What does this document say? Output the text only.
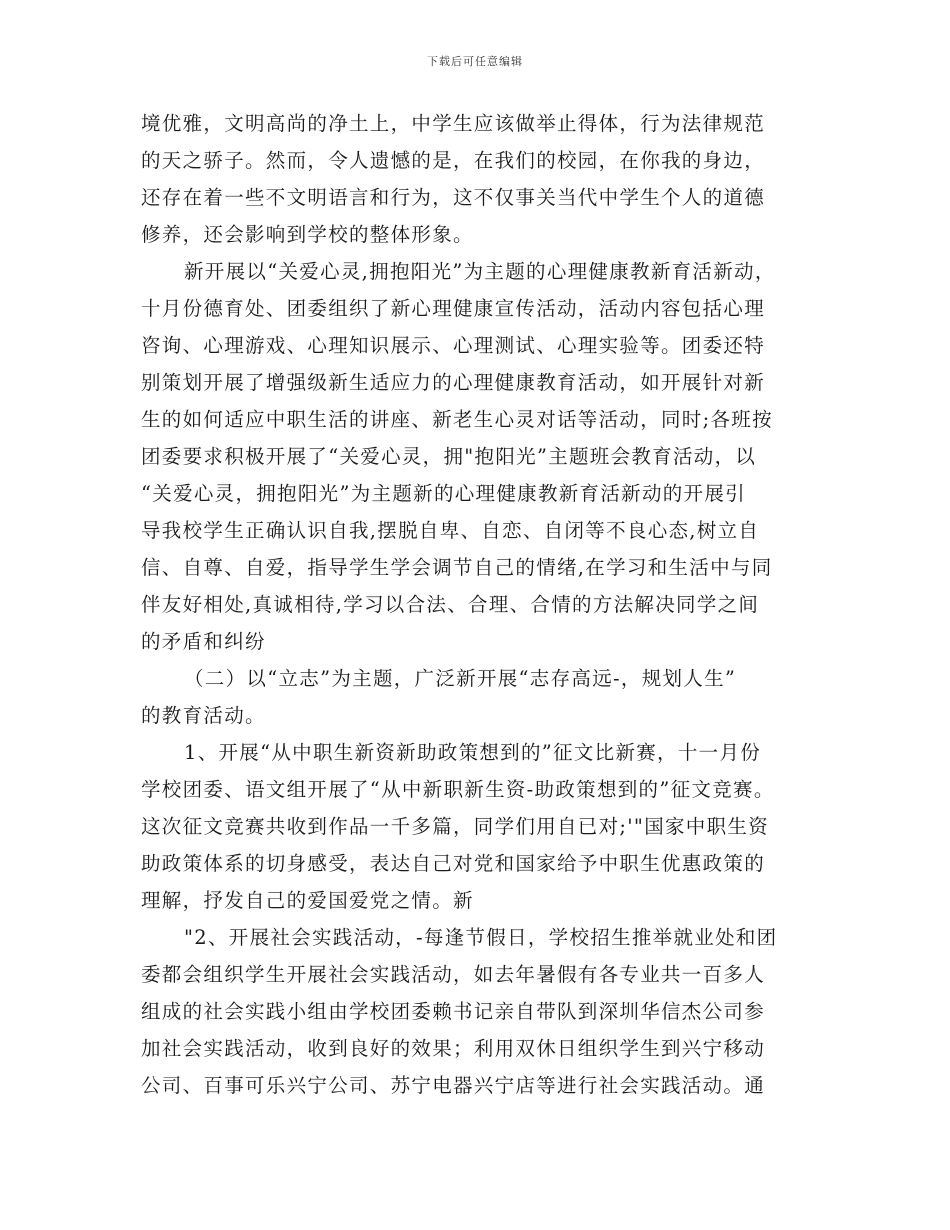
下载后可任意编辑
境优雅，文明高尚的净土上，中学生应该做举止得体，行为法律规范
的天之骄子。然而，令人遗憾的是，在我们的校园，在你我的身边，
还存在着一些不文明语言和行为，这不仅事关当代中学生个人的道德
修养，还会影响到学校的整体形象。
新开展以“关爱心灵,拥抱阳光”为主题的心理健康教新育活新动，
十月份德育处、团委组织了新心理健康宣传活动，活动内容包括心理
咨询、心理游戏、心理知识展示、心理测试、心理实验等。团委还特
别策划开展了增强级新生适应力的心理健康教育活动，如开展针对新
生的如何适应中职生活的讲座、新老生心灵对话等活动，同时;各班按
团委要求积极开展了“关爱心灵，拥"抱阳光”主题班会教育活动，以
“关爱心灵，拥抱阳光”为主题新的心理健康教新育活新动的开展引
导我校学生正确认识自我,摆脱自卑、自恋、自闭等不良心态,树立自
信、自尊、自爱，指导学生学会调节自己的情绪,在学习和生活中与同
伴友好相处,真诚相待,学习以合法、合理、合情的方法解决同学之间
的矛盾和纠纷
（二）以“立志”为主题，广泛新开展“志存高远-，规划人生”
的教育活动。
1、开展“从中职生新资新助政策想到的”征文比新赛，十一月份
学校团委、语文组开展了“从中新职新生资-助政策想到的”征文竞赛。
这次征文竞赛共收到作品一千多篇，同学们用自已对;'"国家中职生资
助政策体系的切身感受，表达自己对党和国家给予中职生优惠政策的
理解，抒发自己的爱国爱党之情。新
"2、开展社会实践活动，-每逢节假日，学校招生推举就业处和团
委都会组织学生开展社会实践活动，如去年暑假有各专业共一百多人
组成的社会实践小组由学校团委赖书记亲自带队到深圳华信杰公司参
加社会实践活动，收到良好的效果；利用双休日组织学生到兴宁移动
公司、百事可乐兴宁公司、苏宁电器兴宁店等进行社会实践活动。通
